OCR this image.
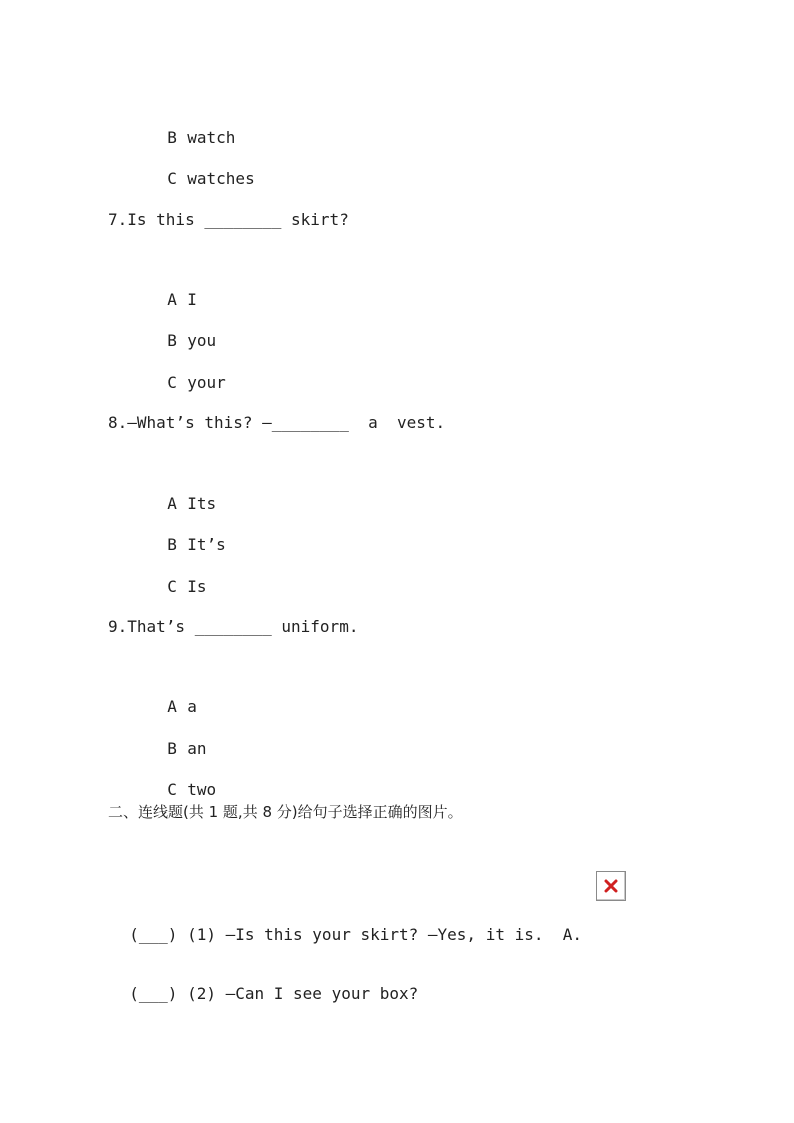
B watch

C watches

7.Is this ________ skirt?

A I

B you

C your

8.—What’s this? —________  a  vest.

A Its

B It’s

C Is

9.That’s ________ uniform.

A a

B an

C two

二、连线题(共 1 题,共 8 分)给句子选择正确的图片。

(___) (1) —Is this your skirt? —Yes, it is.  A.

(___) (2) —Can I see your box?
